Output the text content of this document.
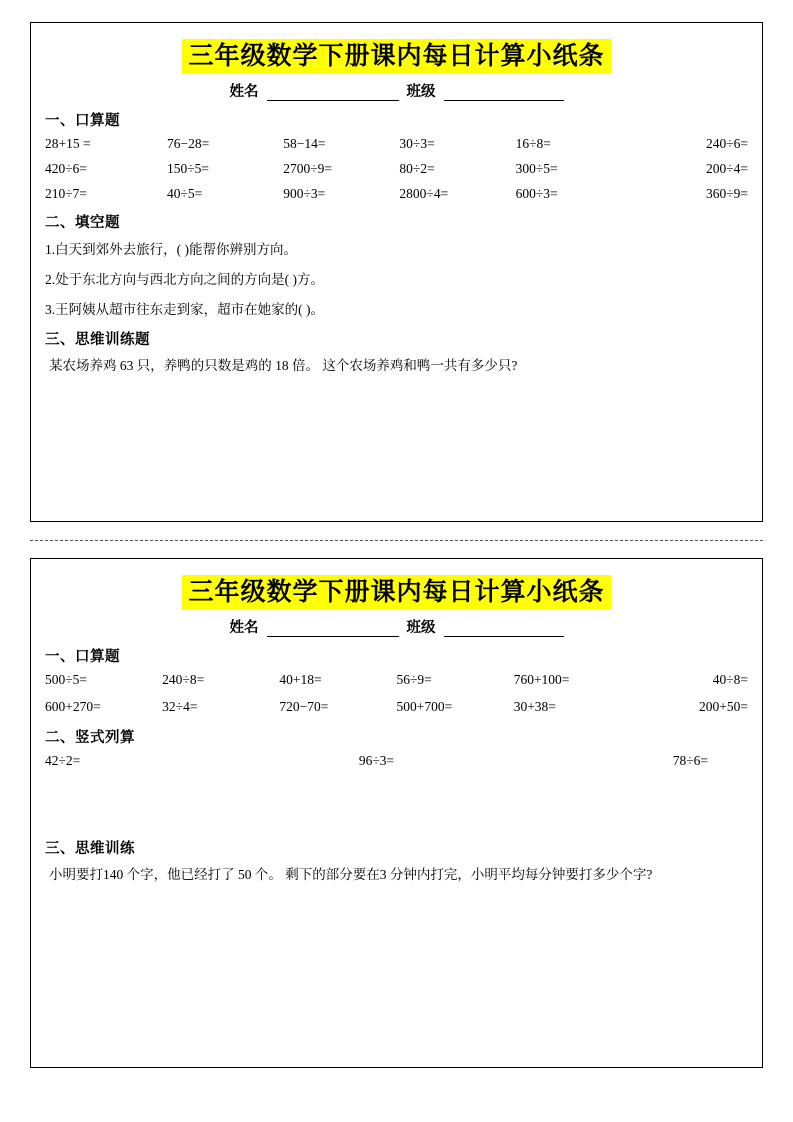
三年级数学下册课内每日计算小纸条
姓名	班级
一、口算题
28+15 =	76−28=	58−14=	30÷3=	16÷8=	240÷6=
420÷6=	150÷5=	2700÷9=	80÷2=	300÷5=	200÷4=
210÷7=	40÷5=	900÷3=	2800÷4=	600÷3=	360÷9=
二、填空题
1.白天到郊外去旅行，( )能帮你辨别方向。
2.处于东北方向与西北方向之间的方向是( )方。
3.王阿姨从超市往东走到家，超市在她家的( )。
三、思维训练题
某农场养鸡 63 只，养鸭的只数是鸡的 18 倍。 这个农场养鸡和鸭一共有多少只?
三年级数学下册课内每日计算小纸条
姓名	班级
一、口算题
500÷5=	240÷8=	40+18=	56÷9=	760+100=	40÷8=
600+270=	32÷4=	720−70=	500+700=	30+38=	200+50=
二、竖式列算
42÷2=	96÷3=	78÷6=
三、思维训练
小明要打140 个字，他已经打了 50 个。 剩下的部分要在3 分钟内打完，小明平均每分钟要打多少个字?
